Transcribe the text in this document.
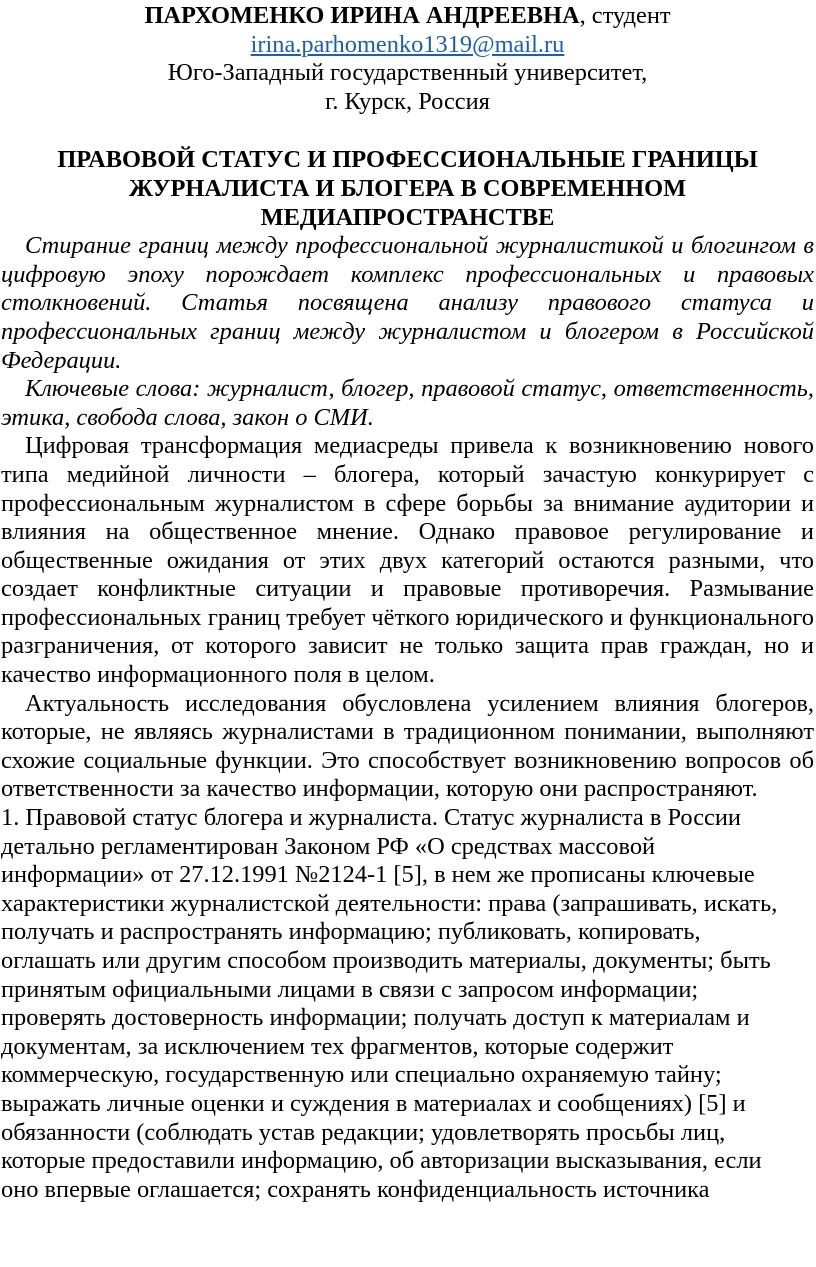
ПАРХОМЕНКО ИРИНА АНДРЕЕВНА, студент
irina.parhomenko1319@mail.ru
Юго-Западный государственный университет,
г. Курск, Россия
ПРАВОВОЙ СТАТУС И ПРОФЕССИОНАЛЬНЫЕ ГРАНИЦЫ
ЖУРНАЛИСТА И БЛОГЕРА В СОВРЕМЕННОМ
МЕДИАПРОСТРАНСТВЕ

Стирание границ между профессиональной журналистикой и блогингом в цифровую эпоху порождает комплекс профессиональных и правовых столкновений. Статья посвящена анализу правового статуса и профессиональных границ между журналистом и блогером в Российской Федерации.

Ключевые слова: журналист, блогер, правовой статус, ответственность, этика, свобода слова, закон о СМИ.

Цифровая трансформация медиасреды привела к возникновению нового типа медийной личности – блогера, который зачастую конкурирует с профессиональным журналистом в сфере борьбы за внимание аудитории и влияния на общественное мнение. Однако правовое регулирование и общественные ожидания от этих двух категорий остаются разными, что создает конфликтные ситуации и правовые противоречия. Размывание профессиональных границ требует чёткого юридического и функционального разграничения, от которого зависит не только защита прав граждан, но и качество информационного поля в целом.

Актуальность исследования обусловлена усилением влияния блогеров, которые, не являясь журналистами в традиционном понимании, выполняют схожие социальные функции. Это способствует возникновению вопросов об ответственности за качество информации, которую они распространяют.

1. Правовой статус блогера и журналиста. Статус журналиста в России
детально регламентирован Законом РФ «О средствах массовой
информации» от 27.12.1991 №2124-1 [5], в нем же прописаны ключевые
характеристики журналистской деятельности: права (запрашивать, искать,
получать и распространять информацию; публиковать, копировать,
оглашать или другим способом производить материалы, документы; быть
принятым официальными лицами в связи с запросом информации;
проверять достоверность информации; получать доступ к материалам и
документам, за исключением тех фрагментов, которые содержит
коммерческую, государственную или специально охраняемую тайну;
выражать личные оценки и суждения в материалах и сообщениях) [5] и
обязанности (соблюдать устав редакции; удовлетворять просьбы лиц,
которые предоставили информацию, об авторизации высказывания, если
оно впервые оглашается; сохранять конфиденциальность источника
